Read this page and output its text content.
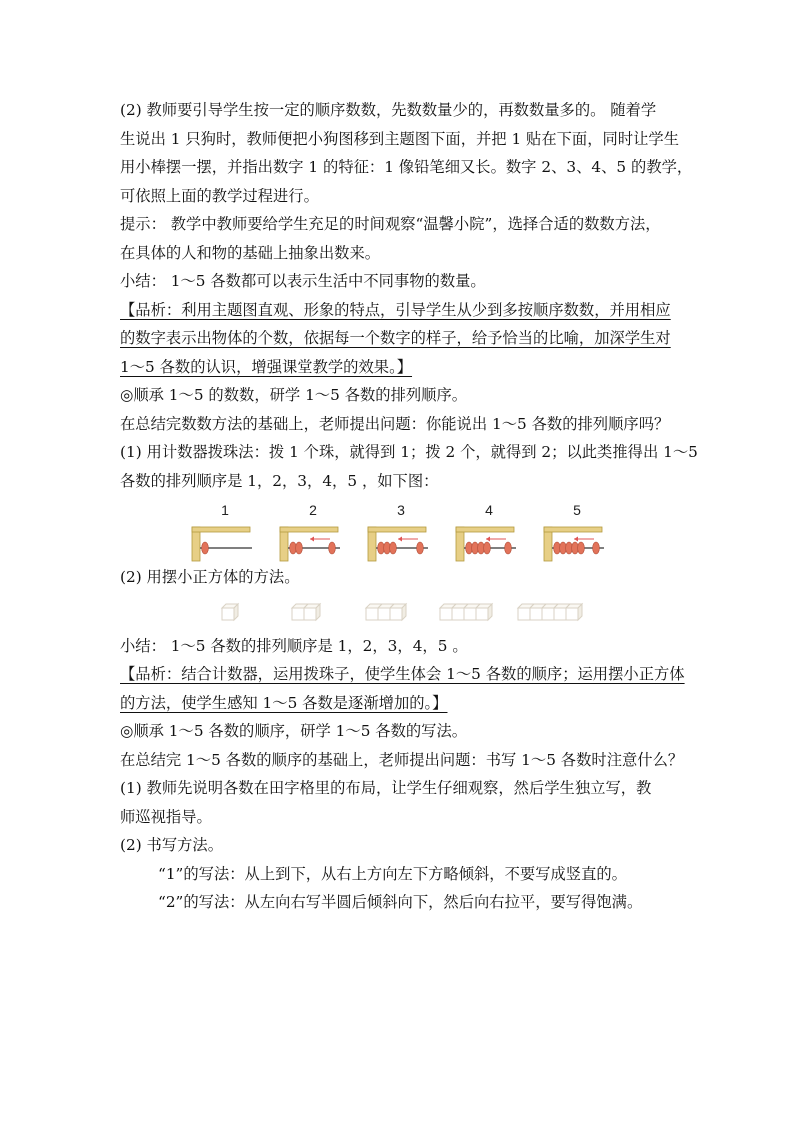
(2) 教师要引导学生按一定的顺序数数，先数数量少的，再数数量多的。 随着学

生说出 1 只狗时，教师便把小狗图移到主题图下面，并把 1 贴在下面，同时让学生

用小棒摆一摆，并指出数字 1 的特征：1 像铅笔细又长。数字 2、3、4、5 的教学，

可依照上面的教学过程进行。

提示： 教学中教师要给学生充足的时间观察“温馨小院”，选择合适的数数方法，

在具体的人和物的基础上抽象出数来。

小结： 1～5 各数都可以表示生活中不同事物的数量。

【品析：利用主题图直观、形象的特点，引导学生从少到多按顺序数数，并用相应

的数字表示出物体的个数，依据每一个数字的样子，给予恰当的比喻，加深学生对

1～5 各数的认识，增强课堂教学的效果。】

◎顺承 1～5 的数数，研学 1～5 各数的排列顺序。

在总结完数数方法的基础上，老师提出问题：你能说出 1～5 各数的排列顺序吗？

(1) 用计数器拨珠法：拨 1 个珠，就得到 1；拨 2 个，就得到 2；以此类推得出 1～5

各数的排列顺序是 1，2，3，4，5 ，如下图：

1	2	3	4	5

(2) 用摆小正方体的方法。

小结： 1～5 各数的排列顺序是 1，2，3，4，5 。

【品析：结合计数器，运用拨珠子，使学生体会 1～5 各数的顺序；运用摆小正方体

的方法，使学生感知 1～5 各数是逐渐增加的。】

◎顺承 1～5 各数的顺序，研学 1～5 各数的写法。

在总结完 1～5 各数的顺序的基础上，老师提出问题：书写 1～5 各数时注意什么？

(1) 教师先说明各数在田字格里的布局，让学生仔细观察，然后学生独立写，教

师巡视指导。

(2) 书写方法。

“1”的写法：从上到下，从右上方向左下方略倾斜，不要写成竖直的。

“2”的写法：从左向右写半圆后倾斜向下，然后向右拉平，要写得饱满。
